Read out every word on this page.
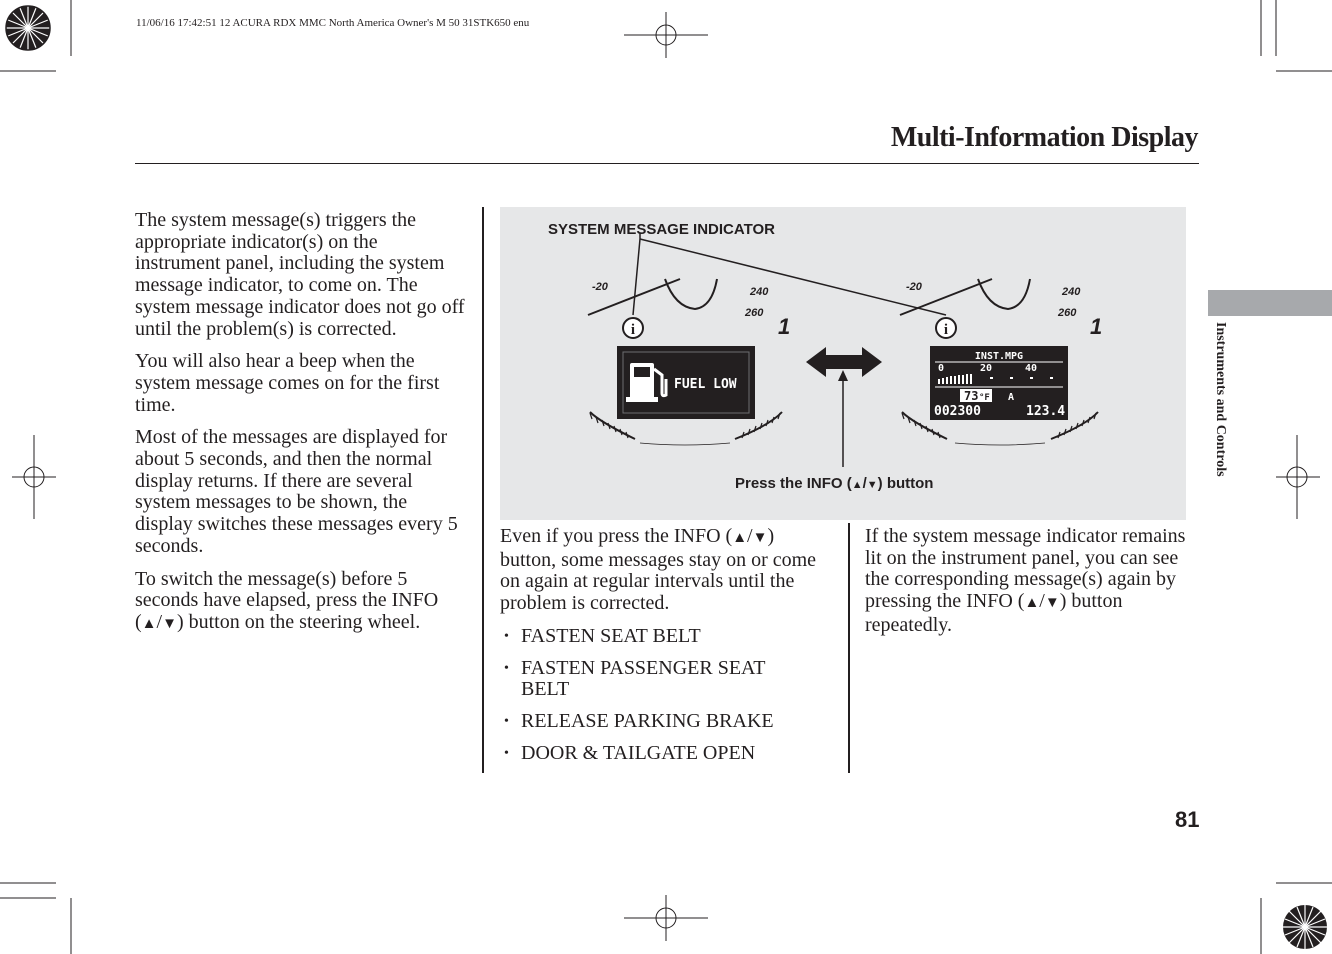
11/06/16 17:42:51 12 ACURA RDX MMC North America Owner's M 50 31STK650 enu
Multi-Information Display
Instruments and Controls

The system message(s) triggers the appropriate indicator(s) on the instrument panel, including the system message indicator, to come on. The system message indicator does not go off until the problem(s) is corrected.

You will also hear a beep when the system message comes on for the first time.

Most of the messages are displayed for about 5 seconds, and then the normal display returns. If there are several system messages to be shown, the display switches these messages every 5 seconds.

To switch the message(s) before 5 seconds have elapsed, press the INFO (▲/▼) button on the steering wheel.

SYSTEM MESSAGE INDICATOR
Press the INFO (▲/▼) button
-20	240
260
1
i
FUEL LOW
-20	240
260
1
i
INST.MPG
0	20	40
73 °F A
002300	123.4

Even if you press the INFO (▲/▼) button, some messages stay on or come on again at regular intervals until the problem is corrected.

• FASTEN SEAT BELT
• FASTEN PASSENGER SEAT BELT
• RELEASE PARKING BRAKE
• DOOR & TAILGATE OPEN

If the system message indicator remains lit on the instrument panel, you can see the corresponding message(s) again by pressing the INFO (▲/▼) button repeatedly.

81
